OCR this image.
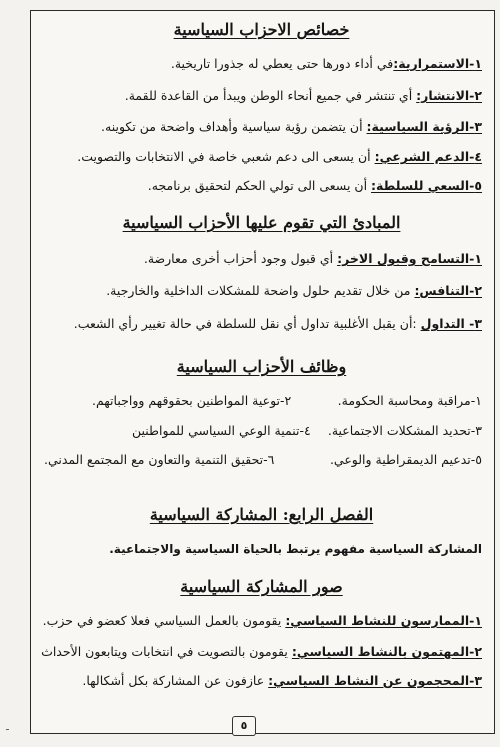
خصائص الاحزاب السياسية
١-الاستمرارية:في أداء دورها حتى يعطي له جذورا تاريخية.
٢-الانتشار: أي تنتشر في جميع أنحاء الوطن ويبدأ من القاعدة للقمة.
٣-الرؤية السياسية: أن يتضمن رؤية سياسية وأهداف واضحة من تكوينه.
٤-الدعم الشرعي: أن يسعى الى دعم شعبي خاصة في الانتخابات والتصويت.
٥-السعي للسلطة: أن يسعى الى تولي الحكم لتحقيق برنامجه.
المبادئ التي تقوم عليها الأحزاب السياسية
١-التسامح وقبول الاخر: أي قبول وجود أحزاب أخرى معارضة.
٢-التنافس: من خلال تقديم حلول واضحة للمشكلات الداخلية والخارجية.
٣- التداول :أن يقبل الأغلبية تداول أي نقل للسلطة في حالة تغيير رأي الشعب.
وظائف الأحزاب السياسية
١-مراقبة ومحاسبة الحكومة.
٢-توعية المواطنين بحقوقهم وواجباتهم.
٣-تحديد المشكلات الاجتماعية.
٤-تنمية الوعي السياسي للمواطنين
٥-تدعيم الديمقراطية والوعي.
٦-تحقيق التنمية والتعاون مع المجتمع المدني.
الفصل الرابع: المشاركة السياسية
المشاركة السياسية مفهوم يرتبط بالحياة السياسية والاجتماعية.
صور المشاركة السياسية
١-الممارسون للنشاط السياسي: يقومون بالعمل السياسي فعلا كعضو في حزب.
٢-المهتمون بالنشاط السياسي: يقومون بالتصويت في انتخابات ويتابعون الأحداث
٣-المحجمون عن النشاط السياسي: عازفون عن المشاركة بكل أشكالها.
٥
ـ
